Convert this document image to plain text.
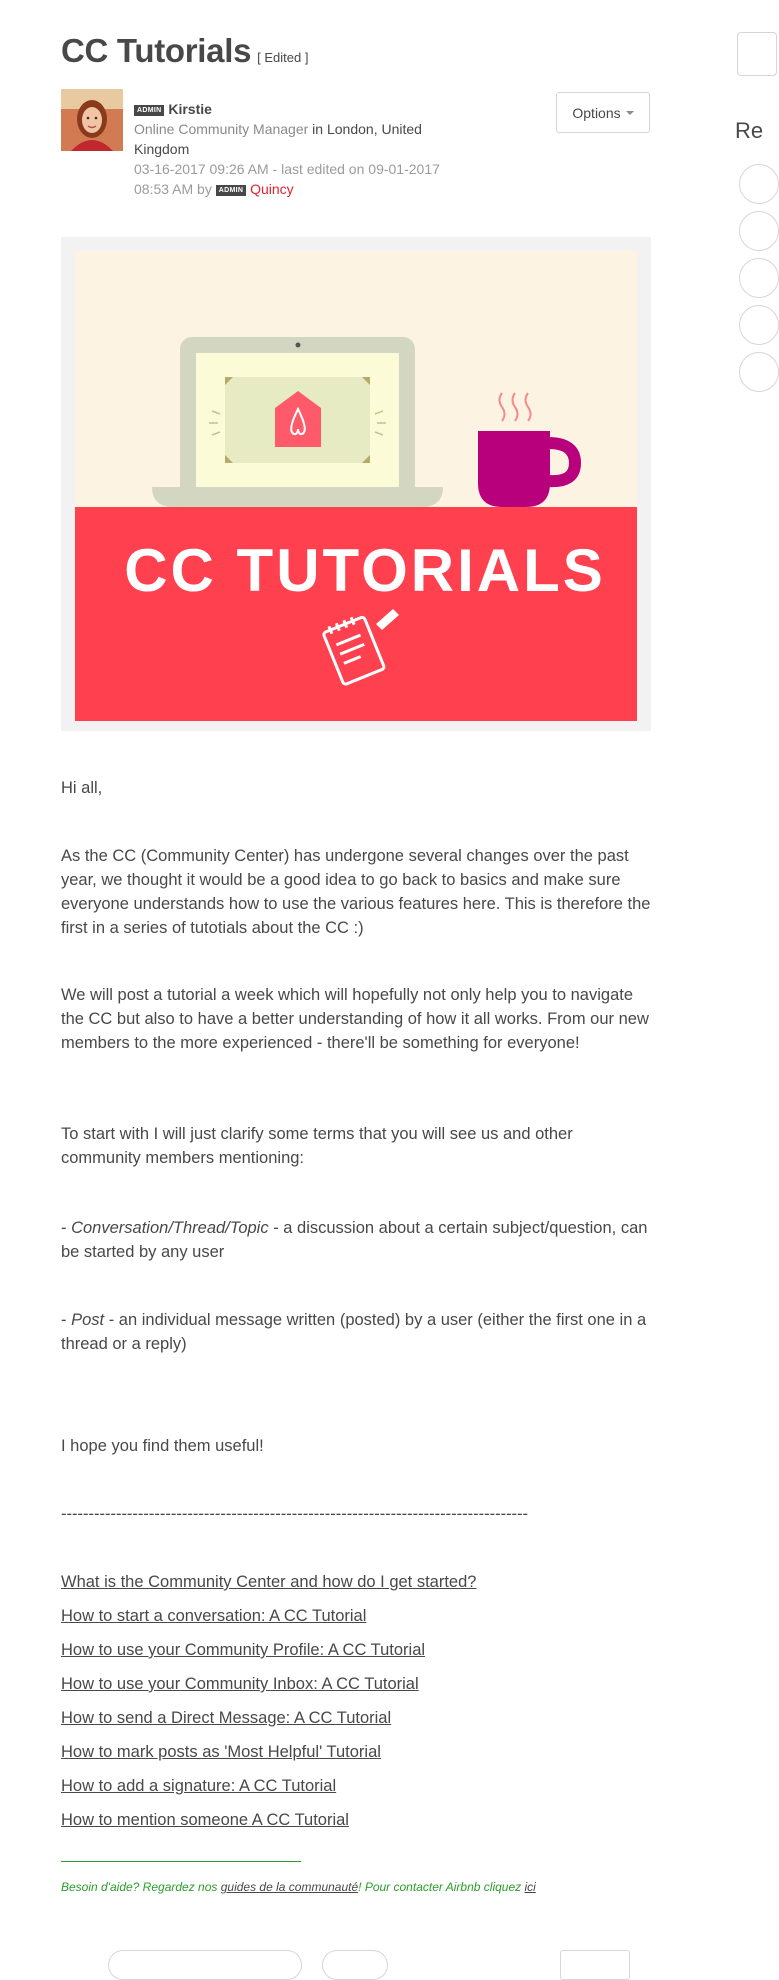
CC Tutorials [ Edited ]
ADMIN Kirstie
Online Community Manager in London, United Kingdom
03-16-2017 09:26 AM - last edited on 09-01-2017 08:53 AM by ADMIN Quincy
Options
CC TUTORIALS

Hi all,

As the CC (Community Center) has undergone several changes over the past year, we thought it would be a good idea to go back to basics and make sure everyone understands how to use the various features here. This is therefore the first in a series of tutotials about the CC :)

We will post a tutorial a week which will hopefully not only help you to navigate the CC but also to have a better understanding of how it all works. From our new members to the more experienced - there'll be something for everyone!

To start with I will just clarify some terms that you will see us and other community members mentioning:

- Conversation/Thread/Topic - a discussion about a certain subject/question, can be started by any user

- Post - an individual message written (posted) by a user (either the first one in a thread or a reply)

I hope you find them useful!

-------------------------------------------------------------------------------------

What is the Community Center and how do I get started?
How to start a conversation: A CC Tutorial
How to use your Community Profile: A CC Tutorial
How to use your Community Inbox: A CC Tutorial
How to send a Direct Message: A CC Tutorial
How to mark posts as 'Most Helpful' Tutorial
How to add a signature: A CC Tutorial
How to mention someone A CC Tutorial
Besoin d'aide? Regardez nos guides de la communauté! Pour contacter Airbnb cliquez ici
Re
